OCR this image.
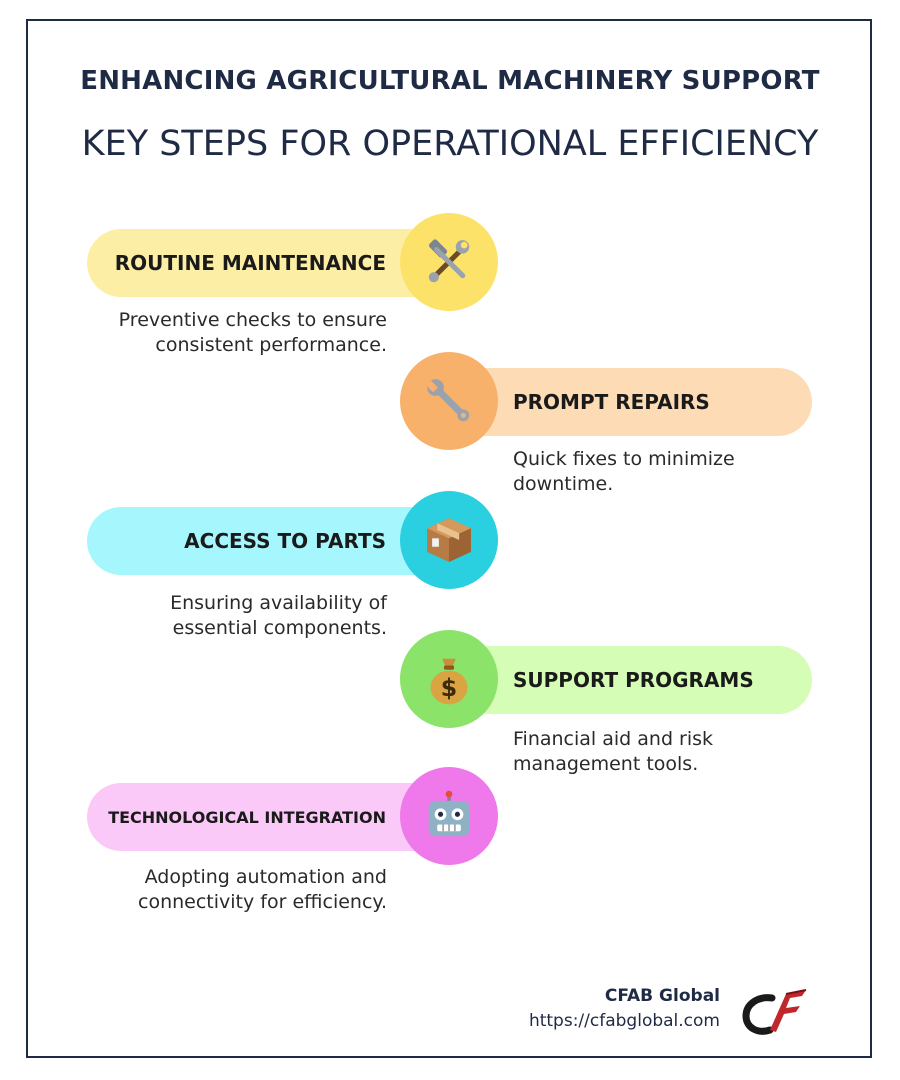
ENHANCING AGRICULTURAL MACHINERY SUPPORT
KEY STEPS FOR OPERATIONAL EFFICIENCY
ROUTINE MAINTENANCE
Preventive checks to ensure
consistent performance.
PROMPT REPAIRS
Quick fixes to minimize
downtime.
ACCESS TO PARTS
Ensuring availability of
essential components.
SUPPORT PROGRAMS
$
Financial aid and risk
management tools.
TECHNOLOGICAL INTEGRATION
Adopting automation and
connectivity for efficiency.
CFAB Global
https://cfabglobal.com
